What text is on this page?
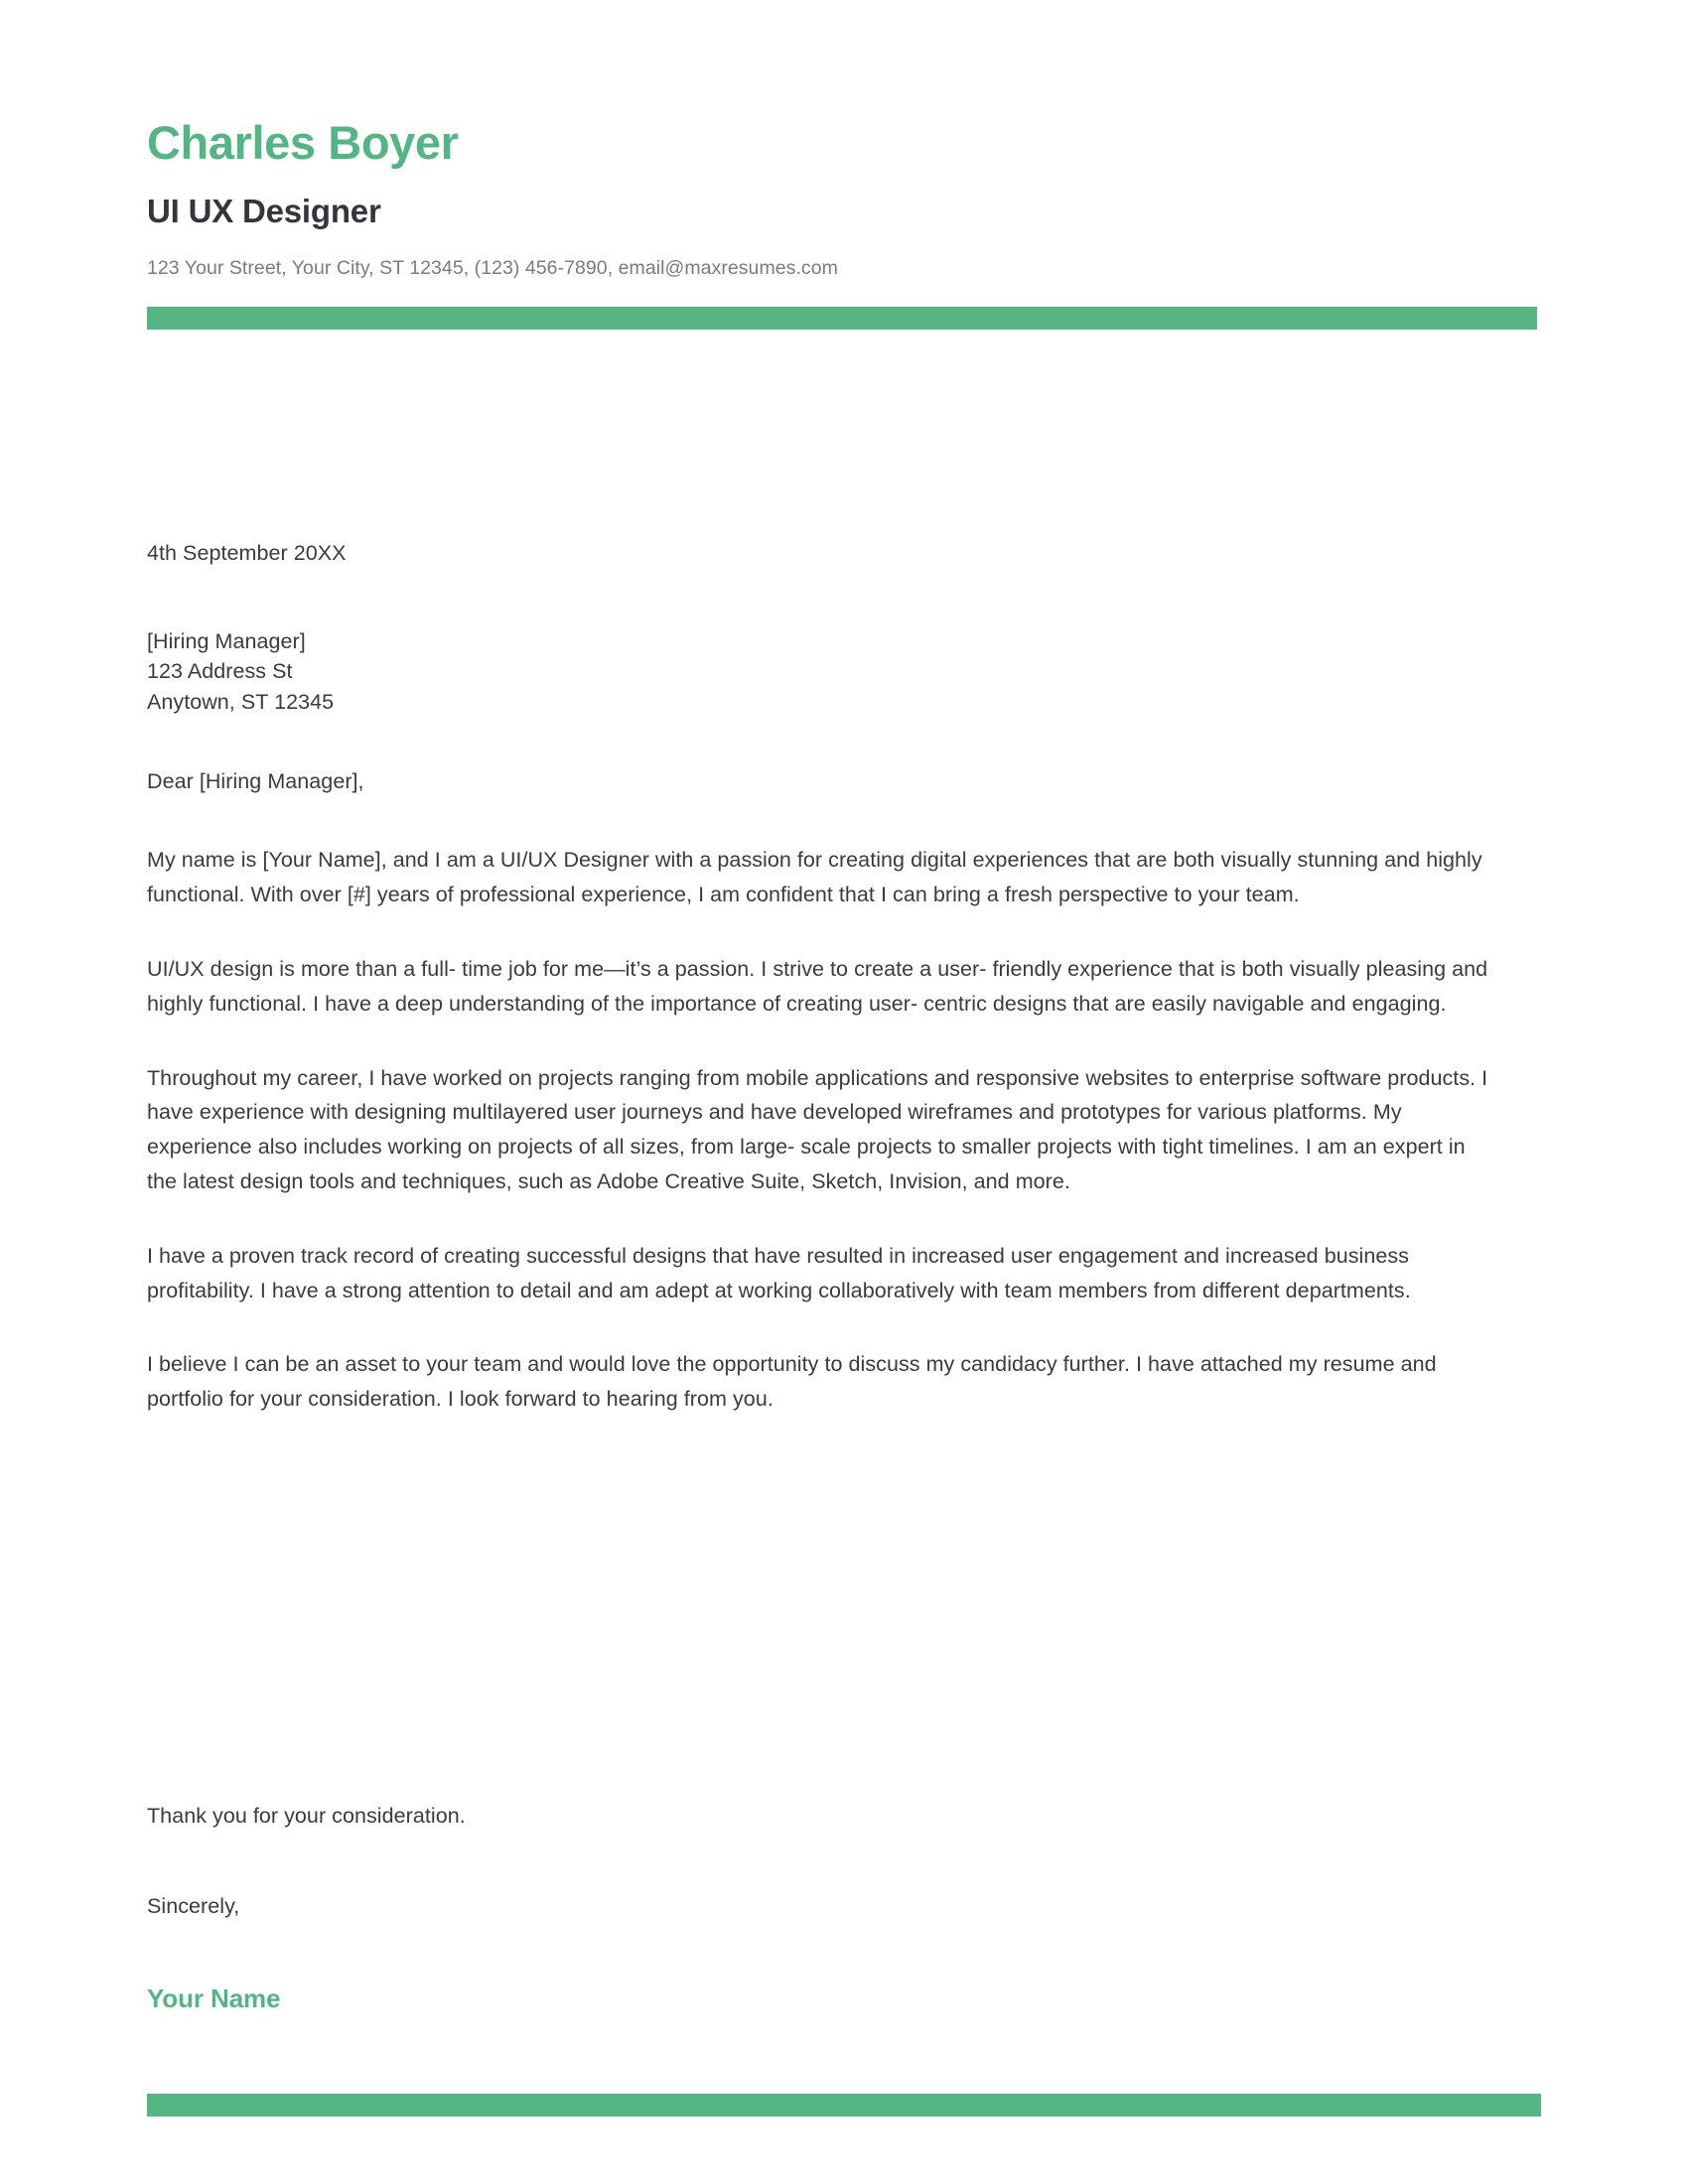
Charles Boyer
UI UX Designer

123 Your Street, Your City, ST 12345, (123) 456-7890, email@maxresumes.com

4th September 20XX

[Hiring Manager]
123 Address St
Anytown, ST 12345

Dear [Hiring Manager],

My name is [Your Name], and I am a UI/UX Designer with a passion for creating digital experiences that are both visually stunning and highly functional. With over [#] years of professional experience, I am confident that I can bring a fresh perspective to your team.

UI/UX design is more than a full- time job for me—it’s a passion. I strive to create a user- friendly experience that is both visually pleasing and highly functional. I have a deep understanding of the importance of creating user- centric designs that are easily navigable and engaging.

Throughout my career, I have worked on projects ranging from mobile applications and responsive websites to enterprise software products. I have experience with designing multilayered user journeys and have developed wireframes and prototypes for various platforms. My experience also includes working on projects of all sizes, from large- scale projects to smaller projects with tight timelines. I am an expert in the latest design tools and techniques, such as Adobe Creative Suite, Sketch, Invision, and more.

I have a proven track record of creating successful designs that have resulted in increased user engagement and increased business profitability. I have a strong attention to detail and am adept at working collaboratively with team members from different departments.

I believe I can be an asset to your team and would love the opportunity to discuss my candidacy further. I have attached my resume and portfolio for your consideration. I look forward to hearing from you.

Thank you for your consideration.

Sincerely,

Your Name
